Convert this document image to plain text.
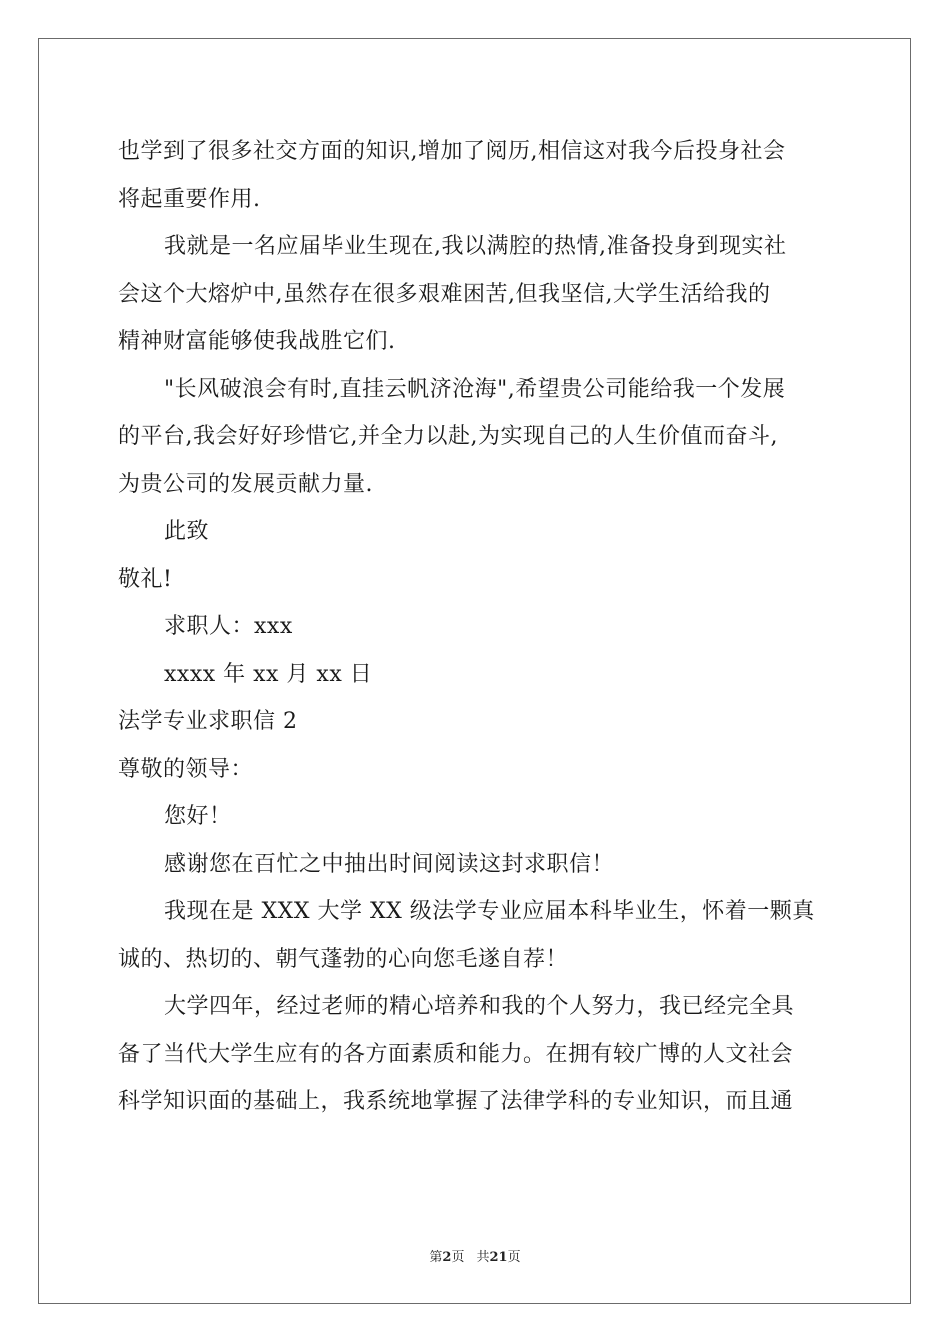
也学到了很多社交方面的知识,增加了阅历,相信这对我今后投身社会
将起重要作用.
我就是一名应届毕业生现在,我以满腔的热情,准备投身到现实社
会这个大熔炉中,虽然存在很多艰难困苦,但我坚信,大学生活给我的
精神财富能够使我战胜它们.
"长风破浪会有时,直挂云帆济沧海",希望贵公司能给我一个发展
的平台,我会好好珍惜它,并全力以赴,为实现自己的人生价值而奋斗,
为贵公司的发展贡献力量.
此致
敬礼!
求职人：xxx
xxxx 年 xx 月 xx 日
法学专业求职信 2
尊敬的领导：
您好！
感谢您在百忙之中抽出时间阅读这封求职信！
我现在是 XXX 大学 XX 级法学专业应届本科毕业生，怀着一颗真
诚的、热切的、朝气蓬勃的心向您毛遂自荐！
大学四年，经过老师的精心培养和我的个人努力，我已经完全具
备了当代大学生应有的各方面素质和能力。在拥有较广博的人文社会
科学知识面的基础上，我系统地掌握了法律学科的专业知识，而且通
第2页 共21页
